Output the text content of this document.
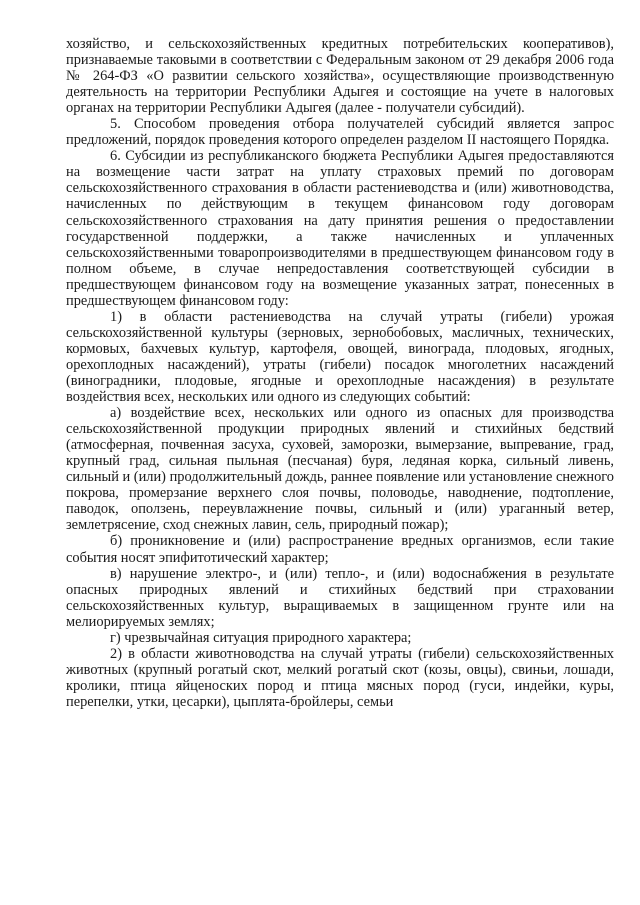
хозяйство, и сельскохозяйственных кредитных потребительских кооперативов), признаваемые таковыми в соответствии с Федеральным законом от 29 декабря 2006 года № 264-ФЗ «О развитии сельского хозяйства», осуществляющие производственную деятельность на территории Республики Адыгея и состоящие на учете в налоговых органах на территории Республики Адыгея (далее - получатели субсидий).

5. Способом проведения отбора получателей субсидий является запрос предложений, порядок проведения которого определен разделом II настоящего Порядка.

6. Субсидии из республиканского бюджета Республики Адыгея предоставляются на возмещение части затрат на уплату страховых премий по договорам сельскохозяйственного страхования в области растениеводства и (или) животноводства, начисленных по действующим в текущем финансовом году договорам сельскохозяйственного страхования на дату принятия решения о предоставлении государственной поддержки, а также начисленных и уплаченных сельскохозяйственными товаропроизводителями в предшествующем финансовом году в полном объеме, в случае непредоставления соответствующей субсидии в предшествующем финансовом году на возмещение указанных затрат, понесенных в предшествующем финансовом году:

1) в области растениеводства на случай утраты (гибели) урожая сельскохозяйственной культуры (зерновых, зернобобовых, масличных, технических, кормовых, бахчевых культур, картофеля, овощей, винограда, плодовых, ягодных, орехоплодных насаждений), утраты (гибели) посадок многолетних насаждений (виноградники, плодовые, ягодные и орехоплодные насаждения) в результате воздействия всех, нескольких или одного из следующих событий:

а) воздействие всех, нескольких или одного из опасных для производства сельскохозяйственной продукции природных явлений и стихийных бедствий (атмосферная, почвенная засуха, суховей, заморозки, вымерзание, выпревание, град, крупный град, сильная пыльная (песчаная) буря, ледяная корка, сильный ливень, сильный и (или) продолжительный дождь, раннее появление или установление снежного покрова, промерзание верхнего слоя почвы, половодье, наводнение, подтопление, паводок, оползень, переувлажнение почвы, сильный и (или) ураганный ветер, землетрясение, сход снежных лавин, сель, природный пожар);

б) проникновение и (или) распространение вредных организмов, если такие события носят эпифитотический характер;

в) нарушение электро-, и (или) тепло-, и (или) водоснабжения в результате опасных природных явлений и стихийных бедствий при страховании сельскохозяйственных культур, выращиваемых в защищенном грунте или на мелиорируемых землях;

г) чрезвычайная ситуация природного характера;

2) в области животноводства на случай утраты (гибели) сельскохозяйственных животных (крупный рогатый скот, мелкий рогатый скот (козы, овцы), свиньи, лошади, кролики, птица яйценоских пород и птица мясных пород (гуси, индейки, куры, перепелки, утки, цесарки), цыплята-бройлеры, семьи
